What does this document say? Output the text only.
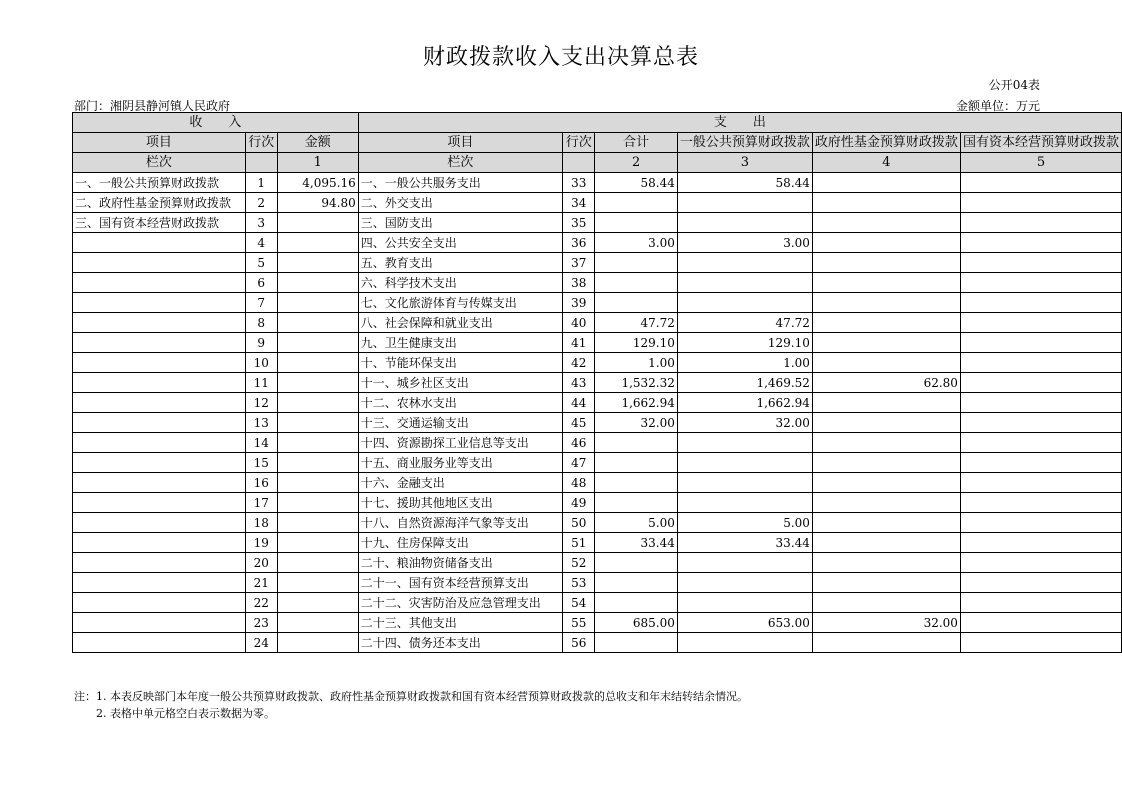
财政拨款收入支出决算总表
公开04表
部门：湘阴县静河镇人民政府	金额单位：万元
收　　入			支　　出					
项目	行次	金额	项目	行次	合计	一般公共预算财政拨款	政府性基金预算财政拨款	国有资本经营预算财政拨款
栏次		1	栏次		2	3	4	5
一、一般公共预算财政拨款	1	4,095.16	一、一般公共服务支出	33	58.44	58.44		
二、政府性基金预算财政拨款	2	94.80	二、外交支出	34				
三、国有资本经营财政拨款	3		三、国防支出	35				
	4		四、公共安全支出	36	3.00	3.00		
	5		五、教育支出	37				
	6		六、科学技术支出	38				
	7		七、文化旅游体育与传媒支出	39				
	8		八、社会保障和就业支出	40	47.72	47.72		
	9		九、卫生健康支出	41	129.10	129.10		
	10		十、节能环保支出	42	1.00	1.00		
	11		十一、城乡社区支出	43	1,532.32	1,469.52	62.80	
	12		十二、农林水支出	44	1,662.94	1,662.94		
	13		十三、交通运输支出	45	32.00	32.00		
	14		十四、资源勘探工业信息等支出	46				
	15		十五、商业服务业等支出	47				
	16		十六、金融支出	48				
	17		十七、援助其他地区支出	49				
	18		十八、自然资源海洋气象等支出	50	5.00	5.00		
	19		十九、住房保障支出	51	33.44	33.44		
	20		二十、粮油物资储备支出	52				
	21		二十一、国有资本经营预算支出	53				
	22		二十二、灾害防治及应急管理支出	54				
	23		二十三、其他支出	55	685.00	653.00	32.00	
	24		二十四、债务还本支出	56				
注：1. 本表反映部门本年度一般公共预算财政拨款、政府性基金预算财政拨款和国有资本经营预算财政拨款的总收支和年末结转结余情况。
2. 表格中单元格空白表示数据为零。
